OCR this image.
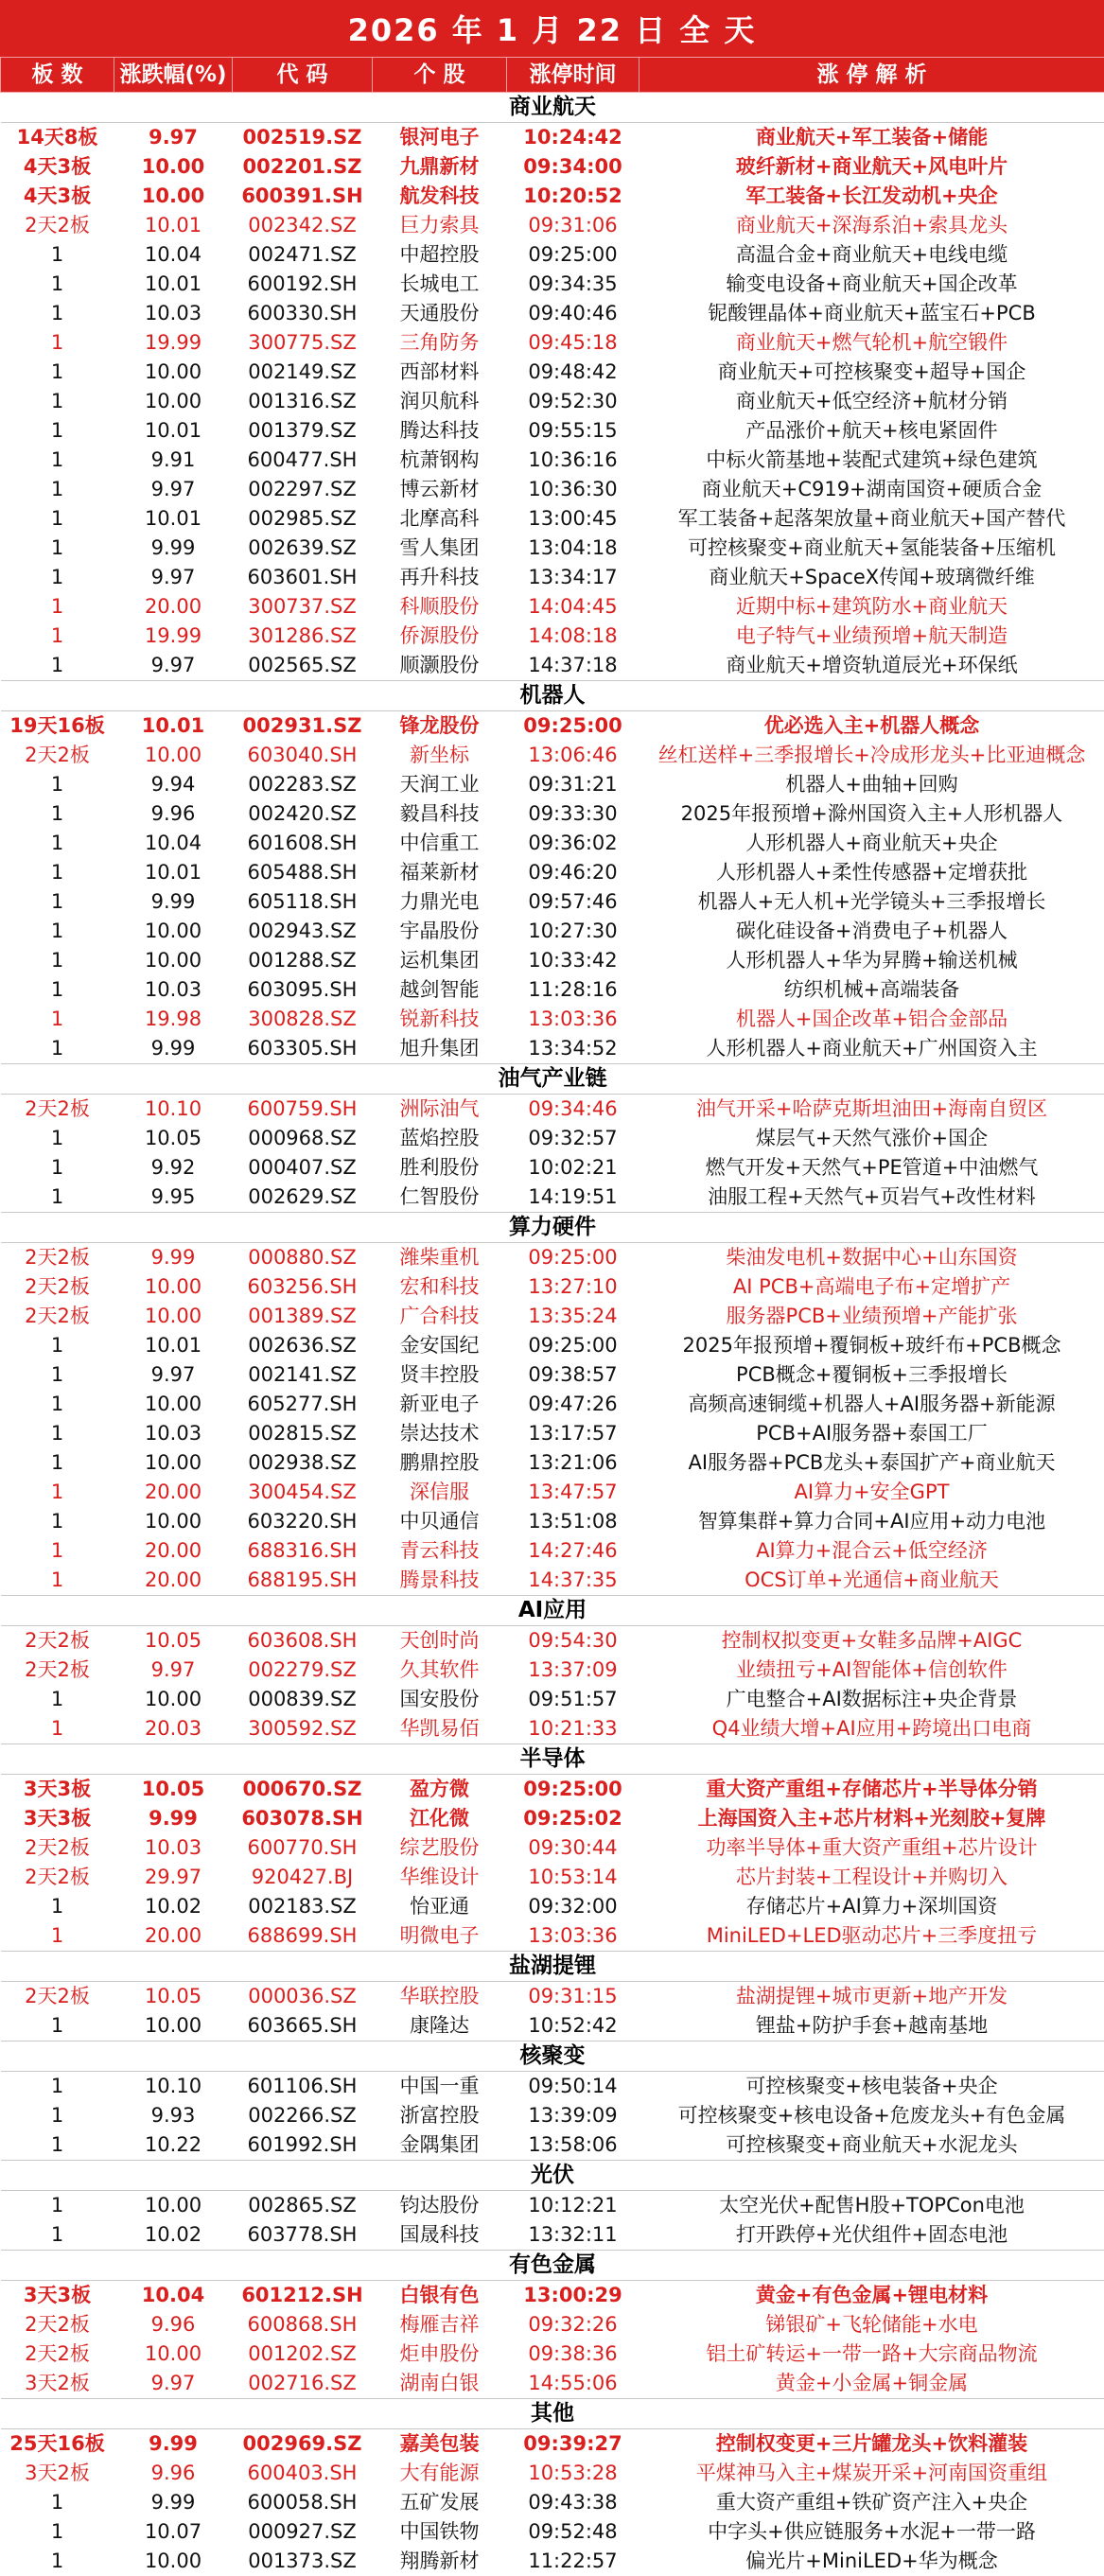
2026 年 1 月 22 日 全 天
板 数	涨跌幅(%)	代 码	个 股	涨停时间	涨 停 解 析
商业航天					
14天8板	9.97	002519.SZ	银河电子	10:24:42	商业航天+军工装备+储能
4天3板	10.00	002201.SZ	九鼎新材	09:34:00	玻纤新材+商业航天+风电叶片
4天3板	10.00	600391.SH	航发科技	10:20:52	军工装备+长江发动机+央企
2天2板	10.01	002342.SZ	巨力索具	09:31:06	商业航天+深海系泊+索具龙头
1	10.04	002471.SZ	中超控股	09:25:00	高温合金+商业航天+电线电缆
1	10.01	600192.SH	长城电工	09:34:35	输变电设备+商业航天+国企改革
1	10.03	600330.SH	天通股份	09:40:46	铌酸锂晶体+商业航天+蓝宝石+PCB
1	19.99	300775.SZ	三角防务	09:45:18	商业航天+燃气轮机+航空锻件
1	10.00	002149.SZ	西部材料	09:48:42	商业航天+可控核聚变+超导+国企
1	10.00	001316.SZ	润贝航科	09:52:30	商业航天+低空经济+航材分销
1	10.01	001379.SZ	腾达科技	09:55:15	产品涨价+航天+核电紧固件
1	9.91	600477.SH	杭萧钢构	10:36:16	中标火箭基地+装配式建筑+绿色建筑
1	9.97	002297.SZ	博云新材	10:36:30	商业航天+C919+湖南国资+硬质合金
1	10.01	002985.SZ	北摩高科	13:00:45	军工装备+起落架放量+商业航天+国产替代
1	9.99	002639.SZ	雪人集团	13:04:18	可控核聚变+商业航天+氢能装备+压缩机
1	9.97	603601.SH	再升科技	13:34:17	商业航天+SpaceX传闻+玻璃微纤维
1	20.00	300737.SZ	科顺股份	14:04:45	近期中标+建筑防水+商业航天
1	19.99	301286.SZ	侨源股份	14:08:18	电子特气+业绩预增+航天制造
1	9.97	002565.SZ	顺灏股份	14:37:18	商业航天+增资轨道辰光+环保纸
机器人					
19天16板	10.01	002931.SZ	锋龙股份	09:25:00	优必选入主+机器人概念
2天2板	10.00	603040.SH	新坐标	13:06:46	丝杠送样+三季报增长+冷成形龙头+比亚迪概念
1	9.94	002283.SZ	天润工业	09:31:21	机器人+曲轴+回购
1	9.96	002420.SZ	毅昌科技	09:33:30	2025年报预增+滁州国资入主+人形机器人
1	10.04	601608.SH	中信重工	09:36:02	人形机器人+商业航天+央企
1	10.01	605488.SH	福莱新材	09:46:20	人形机器人+柔性传感器+定增获批
1	9.99	605118.SH	力鼎光电	09:57:46	机器人+无人机+光学镜头+三季报增长
1	10.00	002943.SZ	宇晶股份	10:27:30	碳化硅设备+消费电子+机器人
1	10.00	001288.SZ	运机集团	10:33:42	人形机器人+华为昇腾+输送机械
1	10.03	603095.SH	越剑智能	11:28:16	纺织机械+高端装备
1	19.98	300828.SZ	锐新科技	13:03:36	机器人+国企改革+铝合金部品
1	9.99	603305.SH	旭升集团	13:34:52	人形机器人+商业航天+广州国资入主
油气产业链					
2天2板	10.10	600759.SH	洲际油气	09:34:46	油气开采+哈萨克斯坦油田+海南自贸区
1	10.05	000968.SZ	蓝焰控股	09:32:57	煤层气+天然气涨价+国企
1	9.92	000407.SZ	胜利股份	10:02:21	燃气开发+天然气+PE管道+中油燃气
1	9.95	002629.SZ	仁智股份	14:19:51	油服工程+天然气+页岩气+改性材料
算力硬件					
2天2板	9.99	000880.SZ	潍柴重机	09:25:00	柴油发电机+数据中心+山东国资
2天2板	10.00	603256.SH	宏和科技	13:27:10	AI PCB+高端电子布+定增扩产
2天2板	10.00	001389.SZ	广合科技	13:35:24	服务器PCB+业绩预增+产能扩张
1	10.01	002636.SZ	金安国纪	09:25:00	2025年报预增+覆铜板+玻纤布+PCB概念
1	9.97	002141.SZ	贤丰控股	09:38:57	PCB概念+覆铜板+三季报增长
1	10.00	605277.SH	新亚电子	09:47:26	高频高速铜缆+机器人+AI服务器+新能源
1	10.03	002815.SZ	崇达技术	13:17:57	PCB+AI服务器+泰国工厂
1	10.00	002938.SZ	鹏鼎控股	13:21:06	AI服务器+PCB龙头+泰国扩产+商业航天
1	20.00	300454.SZ	深信服	13:47:57	AI算力+安全GPT
1	10.00	603220.SH	中贝通信	13:51:08	智算集群+算力合同+AI应用+动力电池
1	20.00	688316.SH	青云科技	14:27:46	AI算力+混合云+低空经济
1	20.00	688195.SH	腾景科技	14:37:35	OCS订单+光通信+商业航天
AI应用					
2天2板	10.05	603608.SH	天创时尚	09:54:30	控制权拟变更+女鞋多品牌+AIGC
2天2板	9.97	002279.SZ	久其软件	13:37:09	业绩扭亏+AI智能体+信创软件
1	10.00	000839.SZ	国安股份	09:51:57	广电整合+AI数据标注+央企背景
1	20.03	300592.SZ	华凯易佰	10:21:33	Q4业绩大增+AI应用+跨境出口电商
半导体					
3天3板	10.05	000670.SZ	盈方微	09:25:00	重大资产重组+存储芯片+半导体分销
3天3板	9.99	603078.SH	江化微	09:25:02	上海国资入主+芯片材料+光刻胶+复牌
2天2板	10.03	600770.SH	综艺股份	09:30:44	功率半导体+重大资产重组+芯片设计
2天2板	29.97	920427.BJ	华维设计	10:53:14	芯片封装+工程设计+并购切入
1	10.02	002183.SZ	怡亚通	09:32:00	存储芯片+AI算力+深圳国资
1	20.00	688699.SH	明微电子	13:03:36	MiniLED+LED驱动芯片+三季度扭亏
盐湖提锂					
2天2板	10.05	000036.SZ	华联控股	09:31:15	盐湖提锂+城市更新+地产开发
1	10.00	603665.SH	康隆达	10:52:42	锂盐+防护手套+越南基地
核聚变					
1	10.10	601106.SH	中国一重	09:50:14	可控核聚变+核电装备+央企
1	9.93	002266.SZ	浙富控股	13:39:09	可控核聚变+核电设备+危废龙头+有色金属
1	10.22	601992.SH	金隅集团	13:58:06	可控核聚变+商业航天+水泥龙头
光伏					
1	10.00	002865.SZ	钧达股份	10:12:21	太空光伏+配售H股+TOPCon电池
1	10.02	603778.SH	国晟科技	13:32:11	打开跌停+光伏组件+固态电池
有色金属					
3天3板	10.04	601212.SH	白银有色	13:00:29	黄金+有色金属+锂电材料
2天2板	9.96	600868.SH	梅雁吉祥	09:32:26	锑银矿+飞轮储能+水电
2天2板	10.00	001202.SZ	炬申股份	09:38:36	铝土矿转运+一带一路+大宗商品物流
3天2板	9.97	002716.SZ	湖南白银	14:55:06	黄金+小金属+铜金属
其他					
25天16板	9.99	002969.SZ	嘉美包装	09:39:27	控制权变更+三片罐龙头+饮料灌装
3天2板	9.96	600403.SH	大有能源	10:53:28	平煤神马入主+煤炭开采+河南国资重组
1	9.99	600058.SH	五矿发展	09:43:38	重大资产重组+铁矿资产注入+央企
1	10.07	000927.SZ	中国铁物	09:52:48	中字头+供应链服务+水泥+一带一路
1	10.00	001373.SZ	翔腾新材	11:22:57	偏光片+MiniLED+华为概念
